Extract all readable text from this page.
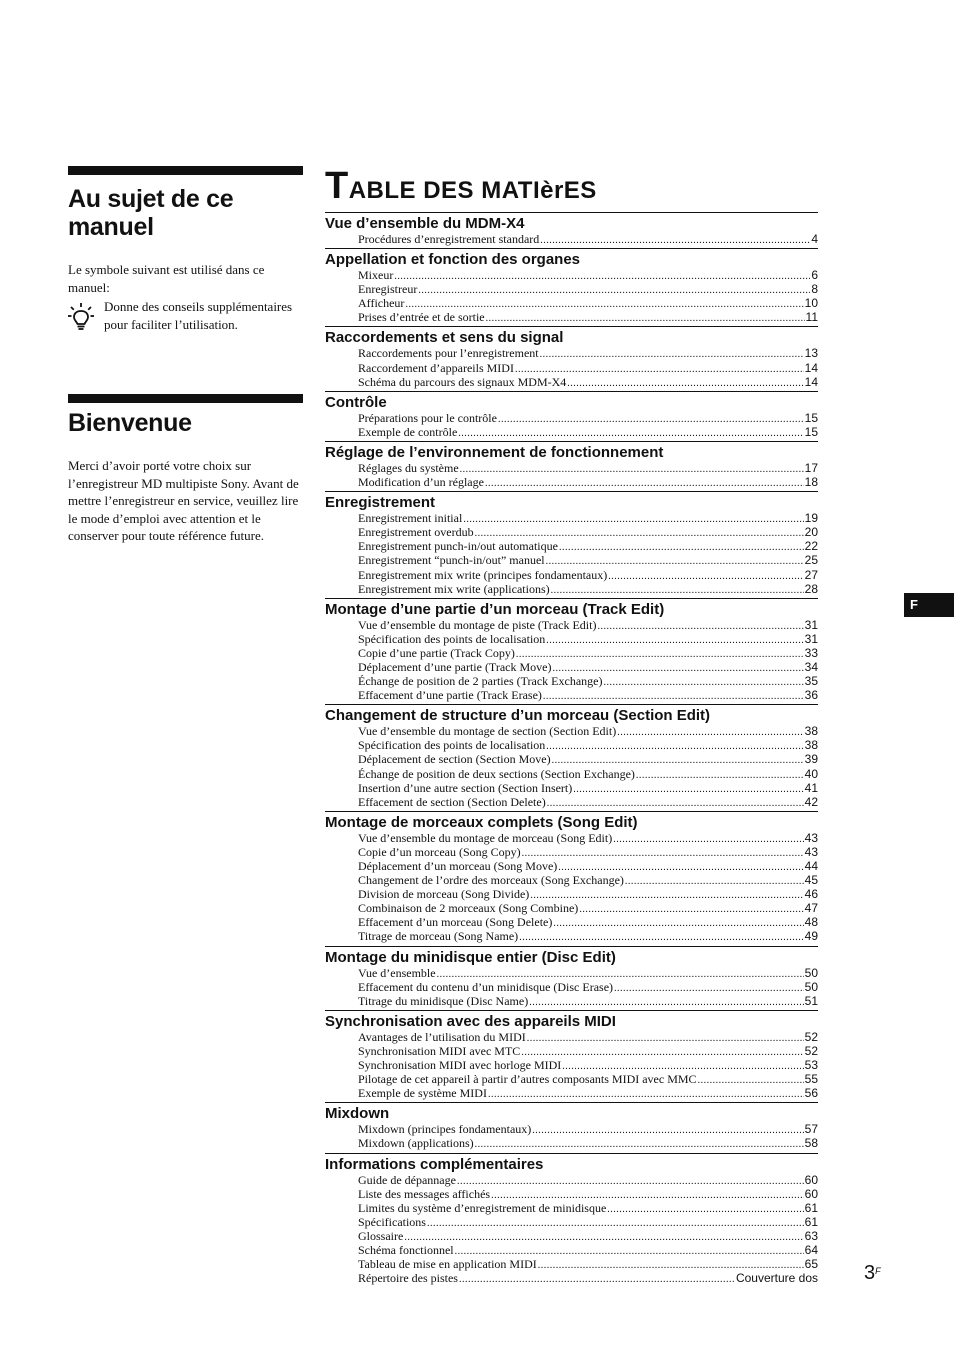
Au sujet de ce manuel

Le symbole suivant est utilisé dans ce manuel:

Donne des conseils supplémentaires pour faciliter l’utilisation.

Bienvenue

Merci d’avoir porté votre choix sur l’enregistreur MD multipiste Sony. Avant de mettre l’enregistreur en service, veuillez lire le mode d’emploi avec attention et le conserver pour toute référence future.

TABLE DES MATIèrES
Vue d’ensemble du MDM-X4
Procédures d’enregistrement standard .....	4
Appellation et fonction des organes
Mixeur .....	6
Enregistreur .....	8
Afficheur .....	10
Prises d’entrée et de sortie .....	11
Raccordements et sens du signal
Raccordements pour l’enregistrement .....	13
Raccordement d’appareils MIDI .....	14
Schéma du parcours des signaux MDM-X4 .....	14
Contrôle
Préparations pour le contrôle .....	15
Exemple de contrôle .....	15
Réglage de l’environnement de fonctionnement
Réglages du système .....	17
Modification d’un réglage .....	18
Enregistrement
Enregistrement initial .....	19
Enregistrement overdub .....	20
Enregistrement punch-in/out automatique .....	22
Enregistrement “punch-in/out” manuel .....	25
Enregistrement mix write (principes fondamentaux) .....	27
Enregistrement mix write (applications) .....	28
Montage d’une partie d’un morceau (Track Edit)
Vue d’ensemble du montage de piste (Track Edit) .....	31
Spécification des points de localisation .....	31
Copie d’une partie (Track Copy) .....	33
Déplacement d’une partie (Track Move) .....	34
Échange de position de 2 parties (Track Exchange) .....	35
Effacement d’une partie (Track Erase) .....	36
Changement de structure d’un morceau (Section Edit)
Vue d’ensemble du montage de section (Section Edit) .....	38
Spécification des points de localisation .....	38
Déplacement de section (Section Move) .....	39
Échange de position de deux sections (Section Exchange) .....	40
Insertion d’une autre section (Section Insert) .....	41
Effacement de section (Section Delete) .....	42
Montage de morceaux complets (Song Edit)
Vue d’ensemble du montage de morceau (Song Edit) .....	43
Copie d’un morceau (Song Copy) .....	43
Déplacement d’un morceau (Song Move) .....	44
Changement de l’ordre des morceaux (Song Exchange) .....	45
Division de morceau (Song Divide) .....	46
Combinaison de 2 morceaux (Song Combine) .....	47
Effacement d’un morceau (Song Delete) .....	48
Titrage de morceau (Song Name) .....	49
Montage du minidisque entier (Disc Edit)
Vue d’ensemble .....	50
Effacement du contenu d’un minidisque (Disc Erase) .....	50
Titrage du minidisque (Disc Name) .....	51
Synchronisation avec des appareils MIDI
Avantages de l’utilisation du MIDI .....	52
Synchronisation MIDI avec MTC .....	52
Synchronisation MIDI avec horloge MIDI .....	53
Pilotage de cet appareil à partir d’autres composants MIDI avec MMC .....	55
Exemple de système MIDI .....	56
Mixdown
Mixdown (principes fondamentaux) .....	57
Mixdown (applications) .....	58
Informations complémentaires
Guide de dépannage .....	60
Liste des messages affichés .....	60
Limites du système d’enregistrement de minidisque .....	61
Spécifications .....	61
Glossaire .....	63
Schéma fonctionnel .....	64
Tableau de mise en application MIDI .....	65
Répertoire des pistes .....	Couverture dos
F
$3^F$
